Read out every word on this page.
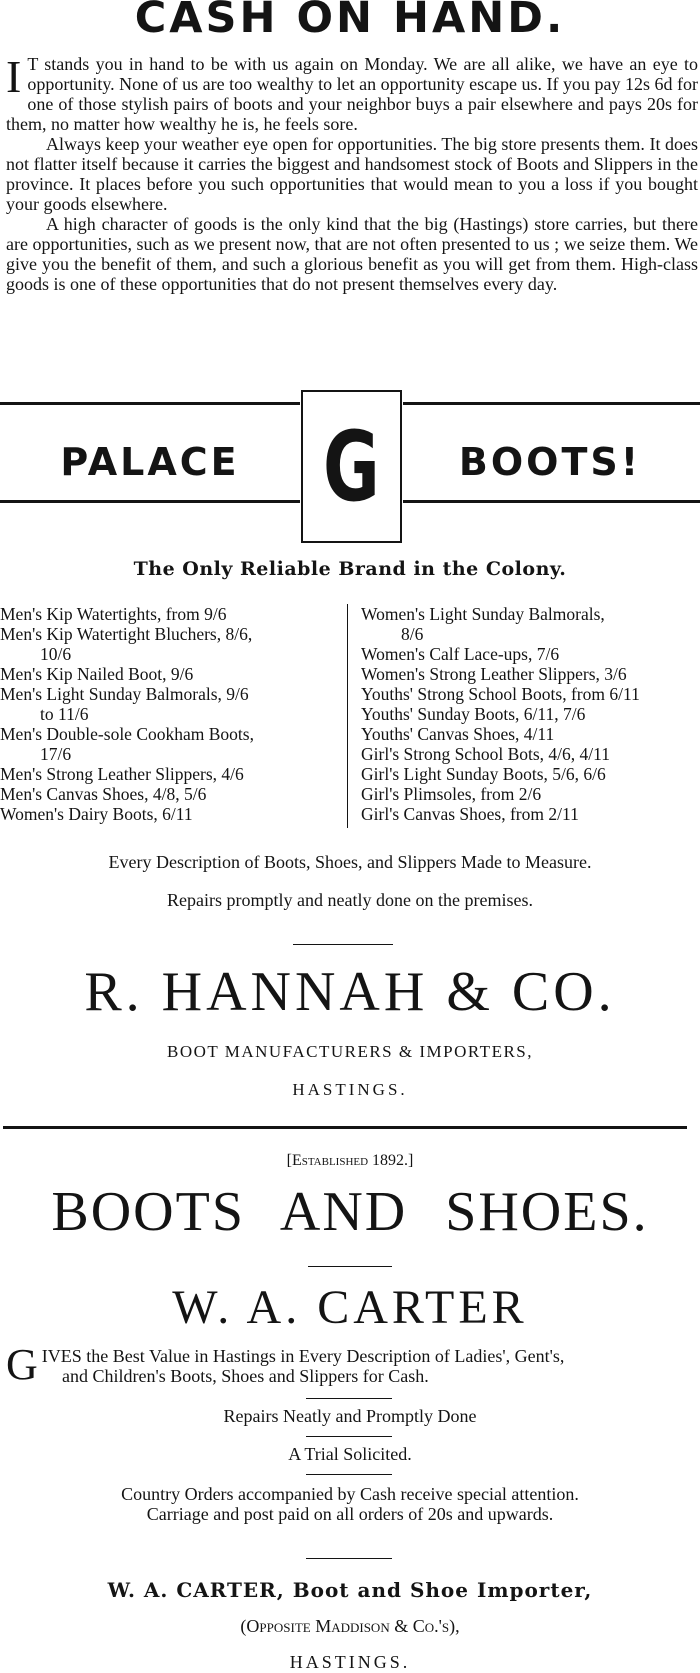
CASH ON HAND.

I T stands you in hand to be with us again on Monday. We are all alike, we have an eye to opportunity. None of us are too wealthy to let an opportunity escape us. If you pay 12s 6d for one of those stylish pairs of boots and your neighbor buys a pair elsewhere and pays 20s for them, no matter how wealthy he is, he feels sore.

Always keep your weather eye open for opportunities. The big store presents them. It does not flatter itself because it carries the biggest and handsomest stock of Boots and Slippers in the province. It places before you such opportunities that would mean to you a loss if you bought your goods elsewhere.

A high character of goods is the only kind that the big (Hastings) store carries, but there are opportunities, such as we present now, that are not often presented to us ; we seize them. We give you the benefit of them, and such a glorious benefit as you will get from them. High-class goods is one of these opportunities that do not present themselves every day.

PALACE G	BOOTS!
The Only Reliable Brand in the Colony.
Men's Kip Watertights, from 9/6
Men's Kip Watertight Bluchers, 8/6,
10/6
Men's Kip Nailed Boot, 9/6
Men's Light Sunday Balmorals, 9/6
to 11/6
Men's Double-sole Cookham Boots,
17/6
Men's Strong Leather Slippers, 4/6
Men's Canvas Shoes, 4/8, 5/6
Women's Dairy Boots, 6/11
Women's Light Sunday Balmorals,
8/6
Women's Calf Lace-ups, 7/6
Women's Strong Leather Slippers, 3/6
Youths' Strong School Boots, from 6/11
Youths' Sunday Boots, 6/11, 7/6
Youths' Canvas Shoes, 4/11
Girl's Strong School Bots, 4/6, 4/11
Girl's Light Sunday Boots, 5/6, 6/6
Girl's Plimsoles, from 2/6
Girl's Canvas Shoes, from 2/11
Every Description of Boots, Shoes, and Slippers Made to Measure.
Repairs promptly and neatly done on the premises.
R. HANNAH & CO.
BOOT MANUFACTURERS & IMPORTERS,
HASTINGS.
[Established 1892.]
BOOTS AND SHOES.
W. A. CARTER
G IVES the Best Value in Hastings in Every Description of Ladies', Gent's,
and Children's Boots, Shoes and Slippers for Cash.
Repairs Neatly and Promptly Done
A Trial Solicited.
Country Orders accompanied by Cash receive special attention.
Carriage and post paid on all orders of 20s and upwards.
W. A. CARTER, Boot and Shoe Importer,
(Opposite Maddison & Co.'s),
HASTINGS.
